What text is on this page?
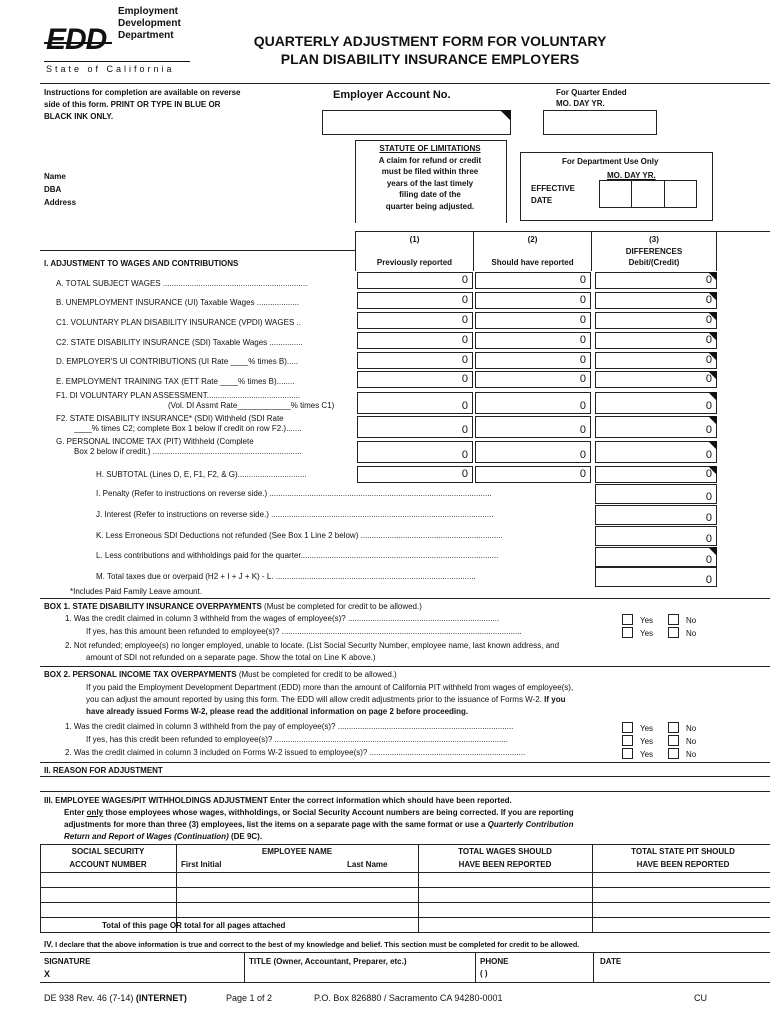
EDD
Employment
Development
Department
State of California
QUARTERLY ADJUSTMENT FORM FOR VOLUNTARY
PLAN DISABILITY INSURANCE EMPLOYERS
Instructions for completion are available on reverse
side of this form. PRINT OR TYPE IN BLUE OR
BLACK INK ONLY.
Employer Account No.	For Quarter Ended
MO. DAY YR.
STATUTE OF LIMITATIONS
A claim for refund or credit
must be filed within three
years of the last timely
filing date of the
quarter being adjusted.
Name
DBA
Address
For Department Use Only
MO. DAY YR.
EFFECTIVE
DATE
(1)
Previously reported
(2)
Should have reported
(3)
DIFFERENCES
Debit/(Credit)
I. ADJUSTMENT TO WAGES AND CONTRIBUTIONS
A. TOTAL SUBJECT WAGES .................................................................	0	0	0
B. UNEMPLOYMENT INSURANCE (UI) Taxable Wages ...................	0	0	0
C1. VOLUNTARY PLAN DISABILITY INSURANCE (VPDI) WAGES ..	0	0	0
C2. STATE DISABILITY INSURANCE (SDI) Taxable Wages ...............	0	0	0
D. EMPLOYER'S UI CONTRIBUTIONS (UI Rate ____% times B).....	0	0	0
E. EMPLOYMENT TRAINING TAX (ETT Rate ____% times B)........	0	0	0
F1. DI VOLUNTARY PLAN ASSESSMENT..........................................
(Vol. DI Assmt Rate____________% times C1)	0	0	0
F2. STATE DISABILITY INSURANCE* (SDI) Withheld (SDI Rate
____% times C2; complete Box 1 below if credit on row F2.).......	0	0	0
G. PERSONAL INCOME TAX (PIT) Withheld (Complete
Box 2 below if credit.) ...................................................................	0	0	0
H. SUBTOTAL (Lines D, E, F1, F2, & G)...............................	0	0	0
I. Penalty (Refer to instructions on reverse side.) ....................................................................................................	0
J. Interest (Refer to instructions on reverse side.) ....................................................................................................	0
K. Less Erroneous SDI Deductions not refunded (See Box 1 Line 2 below) ................................................................	0
L. Less contributions and withholdings paid for the quarter.........................................................................................	0
M. Total taxes due or overpaid (H2 + I + J + K) - L. ..........................................................................................	0
*Includes Paid Family Leave amount.
BOX 1. STATE DISABILITY INSURANCE OVERPAYMENTS (Must be completed for credit to be allowed.)
1. Was the credit claimed in column 3 withheld from the wages of employee(s)? ....................................................................
If yes, has this amount been refunded to employee(s)? ............................................................................................................
2. Not refunded; employee(s) no longer employed, unable to locate. (List Social Security Number, employee name, last known address, and
amount of SDI not refunded on a separate page. Show the total on Line K above.)
BOX 2. PERSONAL INCOME TAX OVERPAYMENTS (Must be completed for credit to be allowed.)
If you paid the Employment Development Department (EDD) more than the amount of California PIT withheld from wages of employee(s),
you can adjust the amount reported by using this form. The EDD will allow credit adjustments prior to the issuance of Forms W-2. If you
have already issued Forms W-2, please read the additional information on page 2 before proceeding.
1. Was the credit claimed in column 3 withheld from the pay of employee(s)? ...............................................................................
If yes, has this credit been refunded to employee(s)? .........................................................................................................
2. Was the credit claimed in column 3 included on Forms W-2 issued to employee(s)? ......................................................................
Yes	No
Yes	No
Yes	No
Yes	No
Yes	No
II. REASON FOR ADJUSTMENT
III. EMPLOYEE WAGES/PIT WITHHOLDINGS ADJUSTMENT Enter the correct information which should have been reported.
Enter only those employees whose wages, withholdings, or Social Security Account numbers are being corrected. If you are reporting
adjustments for more than three (3) employees, list the items on a separate page with the same format or use a Quarterly Contribution
Return and Report of Wages (Continuation) (DE 9C).
SOCIAL SECURITY
ACCOUNT NUMBER
EMPLOYEE NAME
First Initial	Last Name
TOTAL WAGES SHOULD
HAVE BEEN REPORTED
TOTAL STATE PIT SHOULD
HAVE BEEN REPORTED
Total of this page OR total for all pages attached
IV. I declare that the above information is true and correct to the best of my knowledge and belief. This section must be completed for credit to be allowed.
SIGNATURE
X
TITLE (Owner, Accountant, Preparer, etc.)	PHONE
( )
DATE
DE 938 Rev. 46 (7-14) (INTERNET)	Page 1 of 2	P.O. Box 826880 / Sacramento CA 94280-0001	CU
